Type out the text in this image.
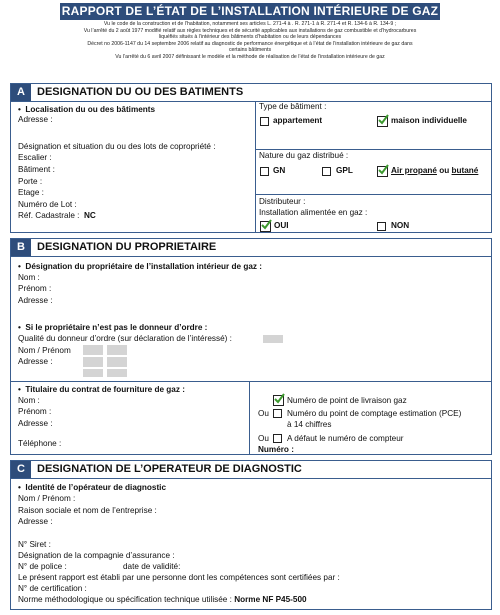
RAPPORT DE L’ÉTAT DE L’INSTALLATION INTÉRIEURE DE GAZ
Vu le code de la construction et de l’habitation, notamment ses articles L. 271-4 à . R. 271-1 à R. 271-4 et R. 134-6 à R. 134-9 ;
Vu l’arrêté du 2 août 1977 modifié relatif aux règles techniques et de sécurité applicables aux installations de gaz combustible et d’hydrocarbures
liquéfiés situés à l’intérieur des bâtiments d’habitation ou de leurs dépendances
Décret no 2006-1147 du 14 septembre 2006 relatif au diagnostic de performance énergétique et à l’état de l’installation intérieure de gaz dans
certains bâtiments
Vu l’arrêté du 6 avril 2007 définissant le modèle et la méthode de réalisation de l’état de l’installation intérieure de gaz
A	DESIGNATION DU OU DES BATIMENTS
•  Localisation du ou des bâtiments
Adresse :
Désignation et situation du ou des lots de copropriété :
Escalier :
Bâtiment :
Porte :
Etage :
Numéro de Lot :
Réf. Cadastrale : NC
Type de bâtiment :
appartement	maison individuelle
Nature du gaz distribué :
GN	GPL	Air propané ou butané
Distributeur :
Installation alimentée en gaz :
OUI	NON
B	DESIGNATION DU PROPRIETAIRE
•  Désignation du propriétaire de l’installation intérieur de gaz :
Nom :
Prénom :
Adresse :
•  Si le propriétaire n’est pas le donneur d’ordre :
Qualité du donneur d’ordre (sur déclaration de l’intéressé) :
Nom / Prénom
Adresse :
•  Titulaire du contrat de fourniture de gaz :
Nom :
Prénom :
Adresse :
Téléphone :
Numéro de point de livraison gaz
Ou Numéro du point de comptage estimation (PCE)
à 14 chiffres
Ou A défaut le numéro de compteur
Numéro :
C	DESIGNATION DE L’OPERATEUR DE DIAGNOSTIC
•  Identité de l’opérateur de diagnostic
Nom / Prénom :
Raison sociale et nom de l’entreprise :
Adresse :
N° Siret :
Désignation de la compagnie d’assurance :
N° de police :	date de validité:
Le présent rapport est établi par une personne dont les compétences sont certifiées par :
N° de certification :
Norme méthodologique ou spécification technique utilisée : Norme NF P45-500
